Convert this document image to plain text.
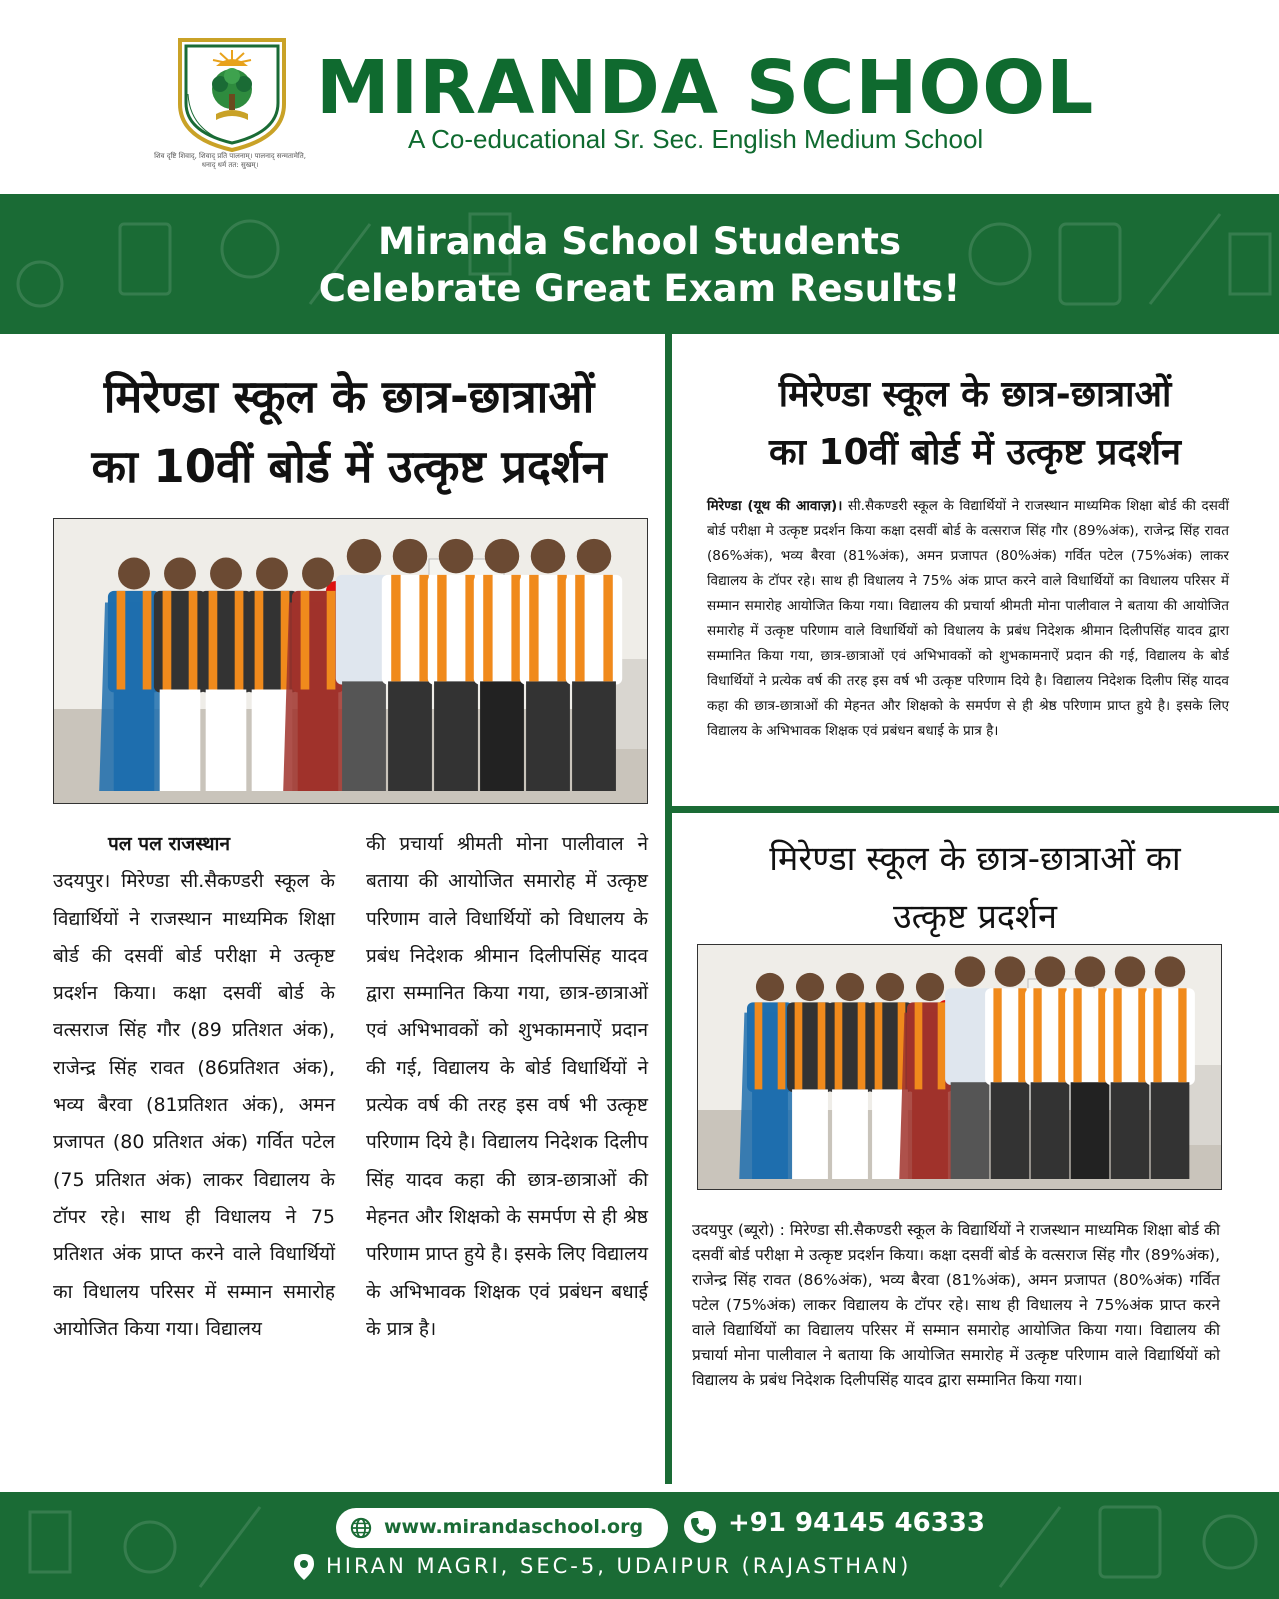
शिव दृष्टि शिवाद्, शिवाद् प्रति पालनाम्। पालनाद् सन्मतामेति, धनाद् धर्म तत: सुखम्।
MIRANDA SCHOOL
A Co-educational Sr. Sec. English Medium School
Miranda School Students
Celebrate Great Exam Results!
मिरेण्डा स्कूल के छात्र-छात्राओं
का 10वीं बोर्ड में उत्कृष्ट प्रदर्शन
पल पल राजस्थान
उदयपुर। मिरेण्डा सी.सैकण्डरी स्कूल के विद्यार्थियों ने राजस्थान माध्यमिक शिक्षा बोर्ड की दसवीं बोर्ड परीक्षा मे उत्कृष्ट प्रदर्शन किया। कक्षा दसवीं बोर्ड के वत्सराज सिंह गौर (89 प्रतिशत अंक), राजेन्द्र सिंह रावत (86प्रतिशत अंक), भव्य बैरवा (81प्रतिशत अंक), अमन प्रजापत (80 प्रतिशत अंक) गर्वित पटेल (75 प्रतिशत अंक) लाकर विद्यालय के टॉपर रहे। साथ ही विधालय ने 75 प्रतिशत अंक प्राप्त करने वाले विधार्थियों का विधालय परिसर में सम्मान समारोह आयोजित किया गया। विद्यालय
की प्रचार्या श्रीमती मोना पालीवाल ने बताया की आयोजित समारोह में उत्कृष्ट परिणाम वाले विधार्थियों को विधालय के प्रबंध निदेशक श्रीमान दिलीपसिंह यादव द्वारा सम्मानित किया गया, छात्र-छात्राओं एवं अभिभावकों को शुभकामनाऐं प्रदान की गई, विद्यालय के बोर्ड विधार्थियों ने प्रत्येक वर्ष की तरह इस वर्ष भी उत्कृष्ट परिणाम दिये है। विद्यालय निदेशक दिलीप सिंह यादव कहा की छात्र-छात्राओं की मेहनत और शिक्षको के समर्पण से ही श्रेष्ठ परिणाम प्राप्त हुये है। इसके लिए विद्यालय के अभिभावक शिक्षक एवं प्रबंधन बधाई के प्रात्र है।
मिरेण्डा स्कूल के छात्र-छात्राओं
का 10वीं बोर्ड में उत्कृष्ट प्रदर्शन
मिरेण्डा (यूथ की आवाज़)। सी.सैकण्डरी स्कूल के विद्यार्थियों ने राजस्थान माध्यमिक शिक्षा बोर्ड की दसवीं बोर्ड परीक्षा मे उत्कृष्ट प्रदर्शन किया कक्षा दसवीं बोर्ड के वत्सराज सिंह गौर (89%अंक), राजेन्द्र सिंह रावत (86%अंक), भव्य बैरवा (81%अंक), अमन प्रजापत (80%अंक) गर्वित पटेल (75%अंक) लाकर विद्यालय के टॉपर रहे। साथ ही विधालय ने 75% अंक प्राप्त करने वाले विधार्थियों का विधालय परिसर में सम्मान समारोह आयोजित किया गया। विद्यालय की प्रचार्या श्रीमती मोना पालीवाल ने बताया की आयोजित समारोह में उत्कृष्ट परिणाम वाले विधार्थियों को विधालय के प्रबंध निदेशक श्रीमान दिलीपसिंह यादव द्वारा सम्मानित किया गया, छात्र-छात्राओं एवं अभिभावकों को शुभकामनाऐं प्रदान की गई, विद्यालय के बोर्ड विधार्थियों ने प्रत्येक वर्ष की तरह इस वर्ष भी उत्कृष्ट परिणाम दिये है। विद्यालय निदेशक दिलीप सिंह यादव कहा की छात्र-छात्राओं की मेहनत और शिक्षको के समर्पण से ही श्रेष्ठ परिणाम प्राप्त हुये है। इसके लिए विद्यालय के अभिभावक शिक्षक एवं प्रबंधन बधाई के प्रात्र है।
मिरेण्डा स्कूल के छात्र-छात्राओं का
उत्कृष्ट प्रदर्शन
उदयपुर (ब्यूरो) : मिरेण्डा सी.सैकण्डरी स्कूल के विद्यार्थियों ने राजस्थान माध्यमिक शिक्षा बोर्ड की दसवीं बोर्ड परीक्षा मे उत्कृष्ट प्रदर्शन किया। कक्षा दसवीं बोर्ड के वत्सराज सिंह गौर (89%अंक), राजेन्द्र सिंह रावत (86%अंक), भव्य बैरवा (81%अंक), अमन प्रजापत (80%अंक) गर्वित पटेल (75%अंक) लाकर विद्यालय के टॉपर रहे। साथ ही विधालय ने 75%अंक प्राप्त करने वाले विद्यार्थियों का विद्यालय परिसर में सम्मान समारोह आयोजित किया गया। विद्यालय की प्रचार्या मोना पालीवाल ने बताया कि आयोजित समारोह में उत्कृष्ट परिणाम वाले विद्यार्थियों को विद्यालय के प्रबंध निदेशक दिलीपसिंह यादव द्वारा सम्मानित किया गया।
www.mirandaschool.org	+91 94145 46333
HIRAN MAGRI, SEC-5, UDAIPUR (RAJASTHAN)
